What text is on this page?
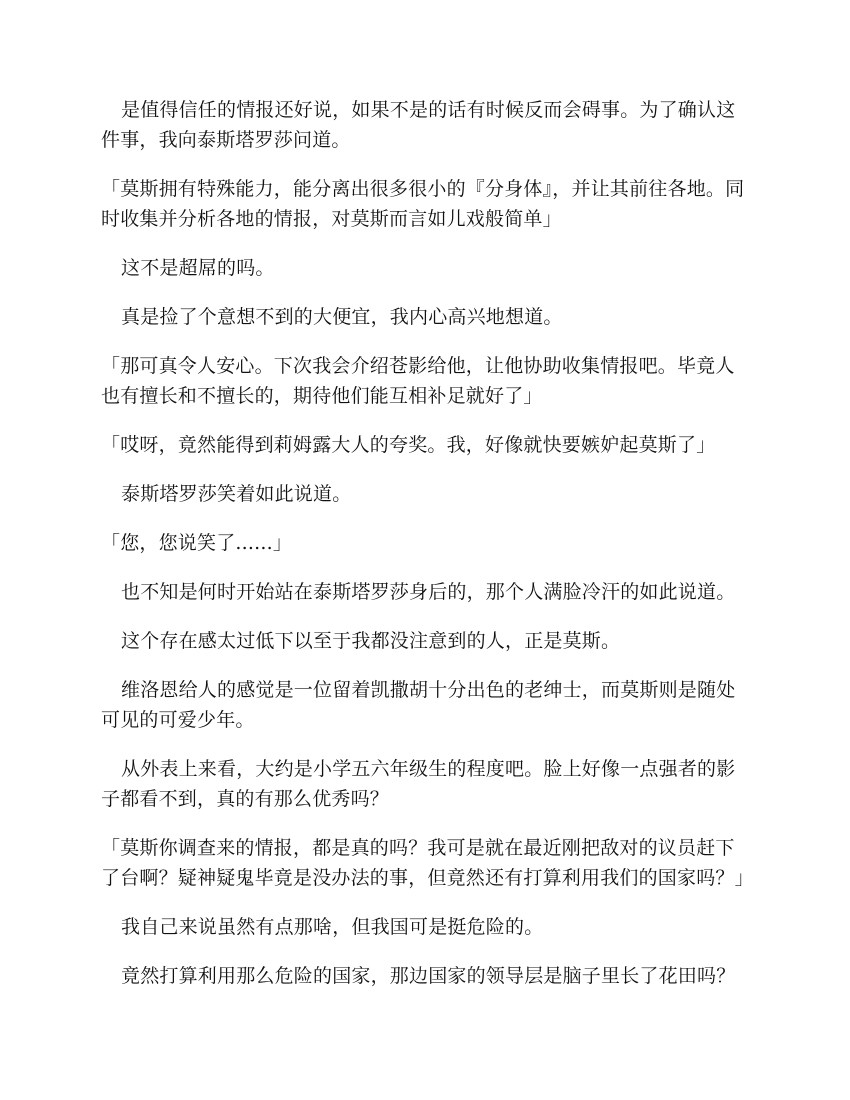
是值得信任的情报还好说，如果不是的话有时候反而会碍事。为了确认这件事，我向泰斯塔罗莎问道。

「莫斯拥有特殊能力，能分离出很多很小的『分身体』，并让其前往各地。同时收集并分析各地的情报，对莫斯而言如儿戏般简单」

这不是超屌的吗。

真是捡了个意想不到的大便宜，我内心高兴地想道。

「那可真令人安心。下次我会介绍苍影给他，让他协助收集情报吧。毕竟人也有擅长和不擅长的，期待他们能互相补足就好了」

「哎呀，竟然能得到莉姆露大人的夸奖。我，好像就快要嫉妒起莫斯了」

泰斯塔罗莎笑着如此说道。

「您，您说笑了......」

也不知是何时开始站在泰斯塔罗莎身后的，那个人满脸冷汗的如此说道。

这个存在感太过低下以至于我都没注意到的人，正是莫斯。

维洛恩给人的感觉是一位留着凯撒胡十分出色的老绅士，而莫斯则是随处可见的可爱少年。

从外表上来看，大约是小学五六年级生的程度吧。脸上好像一点强者的影子都看不到，真的有那么优秀吗？

「莫斯你调查来的情报，都是真的吗？我可是就在最近刚把敌对的议员赶下了台啊？疑神疑鬼毕竟是没办法的事，但竟然还有打算利用我们的国家吗？」

我自己来说虽然有点那啥，但我国可是挺危险的。

竟然打算利用那么危险的国家，那边国家的领导层是脑子里长了花田吗？
